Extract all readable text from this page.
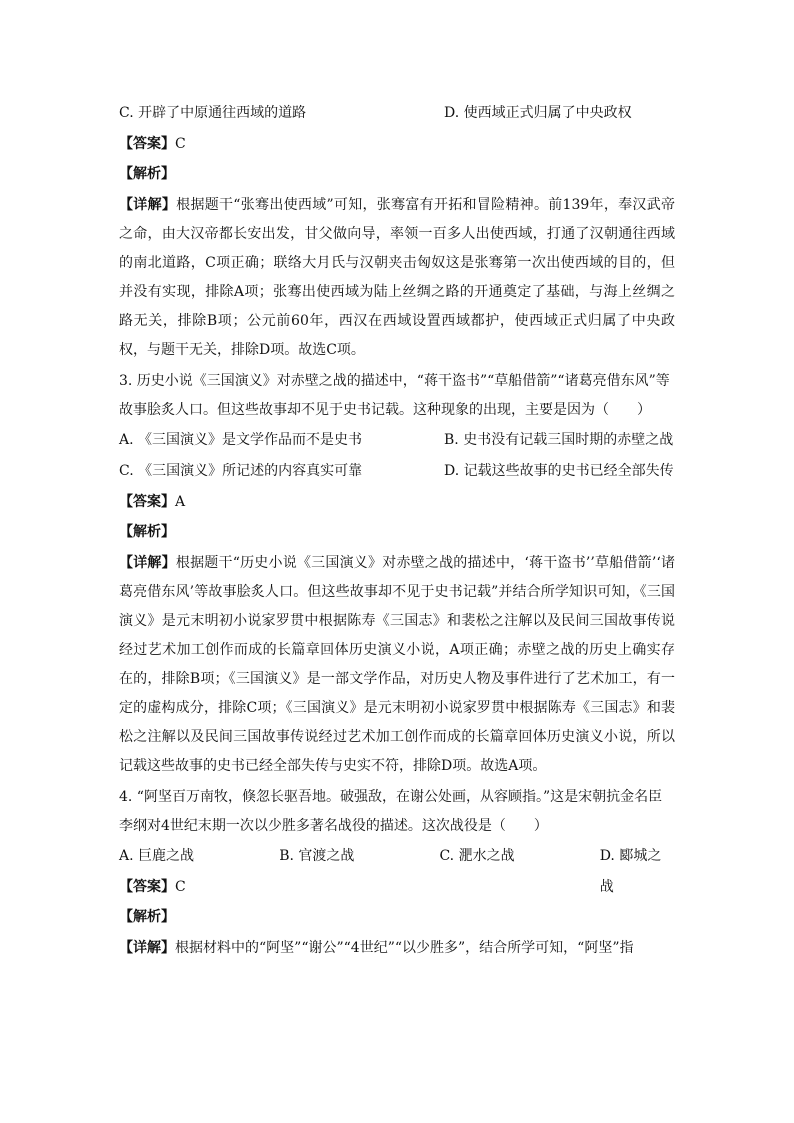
C. 开辟了中原通往西域的道路	D. 使西域正式归属了中央政权
【答案】C
【解析】
【详解】根据题干“张骞出使西域”可知，张骞富有开拓和冒险精神。前139年，奉汉武帝之命，由大汉帝都长安出发，甘父做向导，率领一百多人出使西域，打通了汉朝通往西域的南北道路，C项正确；联络大月氏与汉朝夹击匈奴这是张骞第一次出使西域的目的，但并没有实现，排除A项；张骞出使西域为陆上丝绸之路的开通奠定了基础，与海上丝绸之路无关，排除B项；公元前60年，西汉在西域设置西域都护，使西域正式归属了中央政权，与题干无关，排除D项。故选C项。
3. 历史小说《三国演义》对赤壁之战的描述中，“蒋干盗书”“草船借箭”“诸葛亮借东风”等故事脍炙人口。但这些故事却不见于史书记载。这种现象的出现，主要是因为（　　）
A. 《三国演义》是文学作品而不是史书	B. 史书没有记载三国时期的赤壁之战
C. 《三国演义》所记述的内容真实可靠	D. 记载这些故事的史书已经全部失传
【答案】A
【解析】
【详解】根据题干“历史小说《三国演义》对赤壁之战的描述中，‘蒋干盗书’’草船借箭’‘诸葛亮借东风’等故事脍炙人口。但这些故事却不见于史书记载”并结合所学知识可知，《三国演义》是元末明初小说家罗贯中根据陈寿《三国志》和裴松之注解以及民间三国故事传说经过艺术加工创作而成的长篇章回体历史演义小说，A项正确；赤壁之战的历史上确实存在的，排除B项；《三国演义》是一部文学作品，对历史人物及事件进行了艺术加工，有一定的虚构成分，排除C项；《三国演义》是元末明初小说家罗贯中根据陈寿《三国志》和裴松之注解以及民间三国故事传说经过艺术加工创作而成的长篇章回体历史演义小说，所以记载这些故事的史书已经全部失传与史实不符，排除D项。故选A项。
4. “阿坚百万南牧，倏忽长驱吾地。破强敌，在谢公处画，从容顾指。”这是宋朝抗金名臣李纲对4世纪末期一次以少胜多著名战役的描述。这次战役是（　　）
A. 巨鹿之战	B. 官渡之战	C. 淝水之战	D. 郾城之战
【答案】C
【解析】
【详解】根据材料中的“阿坚”“谢公”“4世纪”“以少胜多”，结合所学可知，“阿坚”指
